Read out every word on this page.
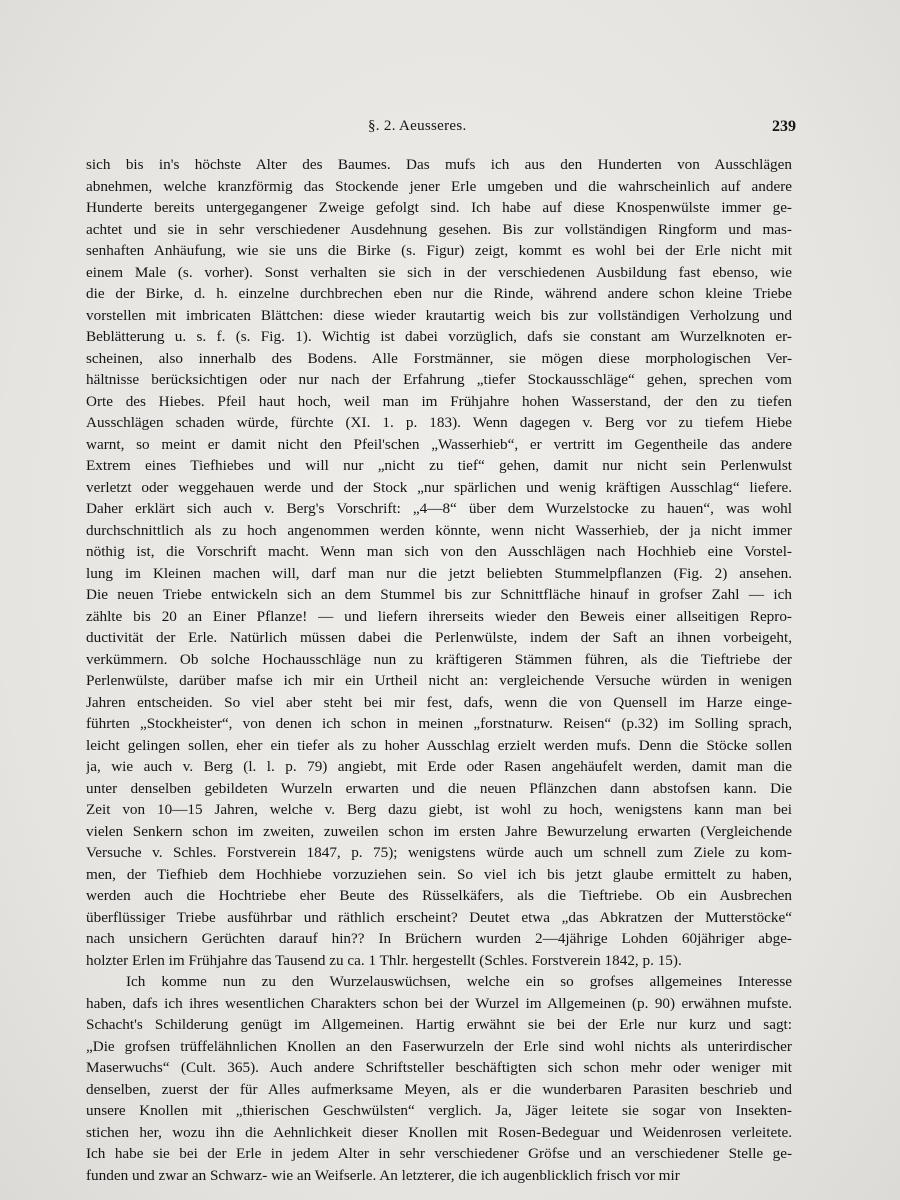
§. 2. Aeusseres.	239
sich bis in's höchste Alter des Baumes. Das mufs ich aus den Hunderten von Ausschlägen
abnehmen, welche kranzförmig das Stockende jener Erle umgeben und die wahrscheinlich auf andere
Hunderte bereits untergegangener Zweige gefolgt sind. Ich habe auf diese Knospenwülste immer ge-
achtet und sie in sehr verschiedener Ausdehnung gesehen. Bis zur vollständigen Ringform und mas-
senhaften Anhäufung, wie sie uns die Birke (s. Figur) zeigt, kommt es wohl bei der Erle nicht mit
einem Male (s. vorher). Sonst verhalten sie sich in der verschiedenen Ausbildung fast ebenso, wie
die der Birke, d. h. einzelne durchbrechen eben nur die Rinde, während andere schon kleine Triebe
vorstellen mit imbricaten Blättchen: diese wieder krautartig weich bis zur vollständigen Verholzung und
Beblätterung u. s. f. (s. Fig. 1). Wichtig ist dabei vorzüglich, dafs sie constant am Wurzelknoten er-
scheinen, also innerhalb des Bodens. Alle Forstmänner, sie mögen diese morphologischen Ver-
hältnisse berücksichtigen oder nur nach der Erfahrung „tiefer Stockausschläge“ gehen, sprechen vom
Orte des Hiebes. Pfeil haut hoch, weil man im Frühjahre hohen Wasserstand, der den zu tiefen
Ausschlägen schaden würde, fürchte (XI. 1. p. 183). Wenn dagegen v. Berg vor zu tiefem Hiebe
warnt, so meint er damit nicht den Pfeil'schen „Wasserhieb“, er vertritt im Gegentheile das andere
Extrem eines Tiefhiebes und will nur „nicht zu tief“ gehen, damit nur nicht sein Perlenwulst
verletzt oder weggehauen werde und der Stock „nur spärlichen und wenig kräftigen Ausschlag“ liefere.
Daher erklärt sich auch v. Berg's Vorschrift: „4—8“ über dem Wurzelstocke zu hauen“, was wohl
durchschnittlich als zu hoch angenommen werden könnte, wenn nicht Wasserhieb, der ja nicht immer
nöthig ist, die Vorschrift macht. Wenn man sich von den Ausschlägen nach Hochhieb eine Vorstel-
lung im Kleinen machen will, darf man nur die jetzt beliebten Stummelpflanzen (Fig. 2) ansehen.
Die neuen Triebe entwickeln sich an dem Stummel bis zur Schnittfläche hinauf in grofser Zahl — ich
zählte bis 20 an Einer Pflanze! — und liefern ihrerseits wieder den Beweis einer allseitigen Repro-
ductivität der Erle. Natürlich müssen dabei die Perlenwülste, indem der Saft an ihnen vorbeigeht,
verkümmern. Ob solche Hochausschläge nun zu kräftigeren Stämmen führen, als die Tieftriebe der
Perlenwülste, darüber mafse ich mir ein Urtheil nicht an: vergleichende Versuche würden in wenigen
Jahren entscheiden. So viel aber steht bei mir fest, dafs, wenn die von Quensell im Harze einge-
führten „Stockheister“, von denen ich schon in meinen „forstnaturw. Reisen“ (p.32) im Solling sprach,
leicht gelingen sollen, eher ein tiefer als zu hoher Ausschlag erzielt werden mufs. Denn die Stöcke sollen
ja, wie auch v. Berg (l. l. p. 79) angiebt, mit Erde oder Rasen angehäufelt werden, damit man die
unter denselben gebildeten Wurzeln erwarten und die neuen Pflänzchen dann abstofsen kann. Die
Zeit von 10—15 Jahren, welche v. Berg dazu giebt, ist wohl zu hoch, wenigstens kann man bei
vielen Senkern schon im zweiten, zuweilen schon im ersten Jahre Bewurzelung erwarten (Vergleichende
Versuche v. Schles. Forstverein 1847, p. 75); wenigstens würde auch um schnell zum Ziele zu kom-
men, der Tiefhieb dem Hochhiebe vorzuziehen sein. So viel ich bis jetzt glaube ermittelt zu haben,
werden auch die Hochtriebe eher Beute des Rüsselkäfers, als die Tieftriebe. Ob ein Ausbrechen
überflüssiger Triebe ausführbar und räthlich erscheint? Deutet etwa „das Abkratzen der Mutterstöcke“
nach unsichern Gerüchten darauf hin?? In Brüchern wurden 2—4jährige Lohden 60jähriger abge-
holzter Erlen im Frühjahre das Tausend zu ca. 1 Thlr. hergestellt (Schles. Forstverein 1842, p. 15).
Ich komme nun zu den Wurzelauswüchsen, welche ein so grofses allgemeines Interesse
haben, dafs ich ihres wesentlichen Charakters schon bei der Wurzel im Allgemeinen (p. 90) erwähnen mufste.
Schacht's Schilderung genügt im Allgemeinen. Hartig erwähnt sie bei der Erle nur kurz und sagt:
„Die grofsen trüffelähnlichen Knollen an den Faserwurzeln der Erle sind wohl nichts als unterirdischer
Maserwuchs“ (Cult. 365). Auch andere Schriftsteller beschäftigten sich schon mehr oder weniger mit
denselben, zuerst der für Alles aufmerksame Meyen, als er die wunderbaren Parasiten beschrieb und
unsere Knollen mit „thierischen Geschwülsten“ verglich. Ja, Jäger leitete sie sogar von Insekten-
stichen her, wozu ihn die Aehnlichkeit dieser Knollen mit Rosen-Bedeguar und Weidenrosen verleitete.
Ich habe sie bei der Erle in jedem Alter in sehr verschiedener Gröfse und an verschiedener Stelle ge-
funden und zwar an Schwarz- wie an Weifserle. An letzterer, die ich augenblicklich frisch vor mir
